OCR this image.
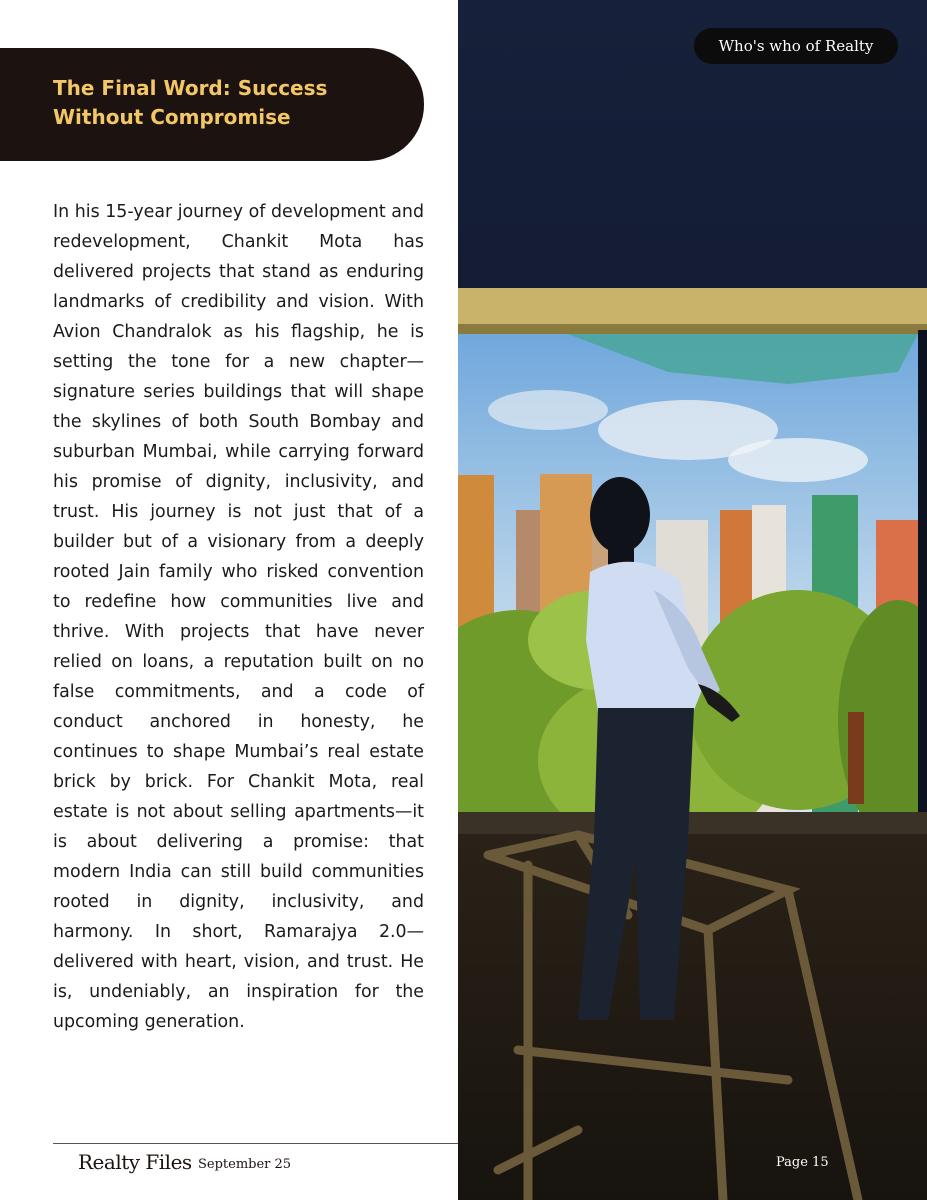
The Final Word: Success Without Compromise

In his 15-year journey of development and redevelopment, Chankit Mota has delivered projects that stand as enduring landmarks of credibility and vision. With Avion Chandralok as his flagship, he is setting the tone for a new chapter—signature series buildings that will shape the skylines of both South Bombay and suburban Mumbai, while carrying forward his promise of dignity, inclusivity, and trust. His journey is not just that of a builder but of a visionary from a deeply rooted Jain family who risked convention to redefine how communities live and thrive. With projects that have never relied on loans, a reputation built on no false commitments, and a code of conduct anchored in honesty, he continues to shape Mumbai’s real estate brick by brick. For Chankit Mota, real estate is not about selling apartments—it is about delivering a promise: that modern India can still build communities rooted in dignity, inclusivity, and harmony. In short, Ramarajya 2.0—delivered with heart, vision, and trust. He is, undeniably, an inspiration for the upcoming generation.

Realty Files September 25
Who's who of Realty
Page 15
